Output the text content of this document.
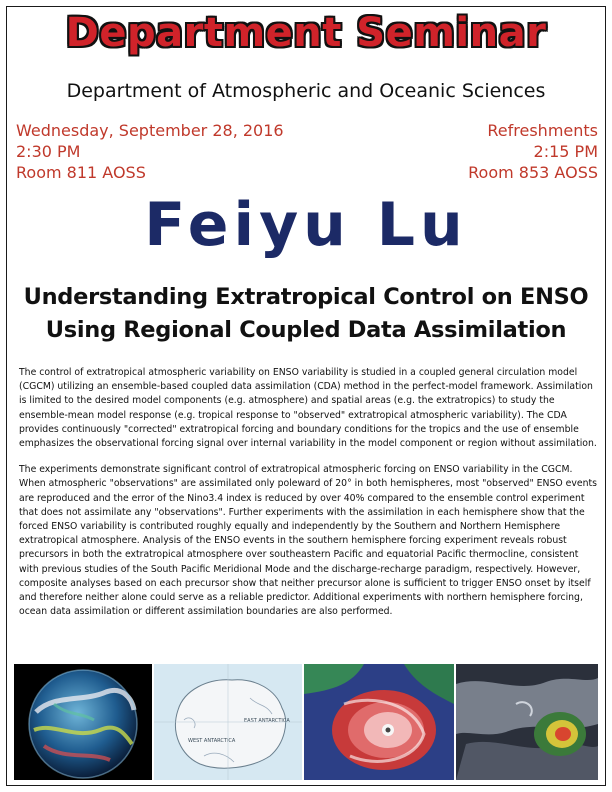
Department Seminar
Department of Atmospheric and Oceanic Sciences
Wednesday, September 28, 2016
2:30 PM
Room 811 AOSS
Refreshments
2:15 PM
Room 853 AOSS
Feiyu Lu
Understanding Extratropical Control on ENSO
Using Regional Coupled Data Assimilation

The control of extratropical atmospheric variability on ENSO variability is studied in a coupled general circulation model (CGCM) utilizing an ensemble-based coupled data assimilation (CDA) method in the perfect-model framework. Assimilation is limited to the desired model components (e.g. atmosphere) and spatial areas (e.g. the extratropics) to study the ensemble-mean model response (e.g. tropical response to "observed" extratropical atmospheric variability). The CDA provides continuously "corrected" extratropical forcing and boundary conditions for the tropics and the use of ensemble emphasizes the observational forcing signal over internal variability in the model component or region without assimilation.

The experiments demonstrate significant control of extratropical atmospheric forcing on ENSO variability in the CGCM. When atmospheric "observations" are assimilated only poleward of 20° in both hemispheres, most "observed" ENSO events are reproduced and the error of the Nino3.4 index is reduced by over 40% compared to the ensemble control experiment that does not assimilate any "observations". Further experiments with the assimilation in each hemisphere show that the forced ENSO variability is contributed roughly equally and independently by the Southern and Northern Hemisphere extratropical atmosphere. Analysis of the ENSO events in the southern hemisphere forcing experiment reveals robust precursors in both the extratropical atmosphere over southeastern Pacific and equatorial Pacific thermocline, consistent with previous studies of the South Pacific Meridional Mode and the discharge-recharge paradigm, respectively. However, composite analyses based on each precursor show that neither precursor alone is sufficient to trigger ENSO onset by itself and therefore neither alone could serve as a reliable predictor. Additional experiments with northern hemisphere forcing, ocean data assimilation or different assimilation boundaries are also performed.

EAST ANTARCTICA
WEST ANTARCTICA
